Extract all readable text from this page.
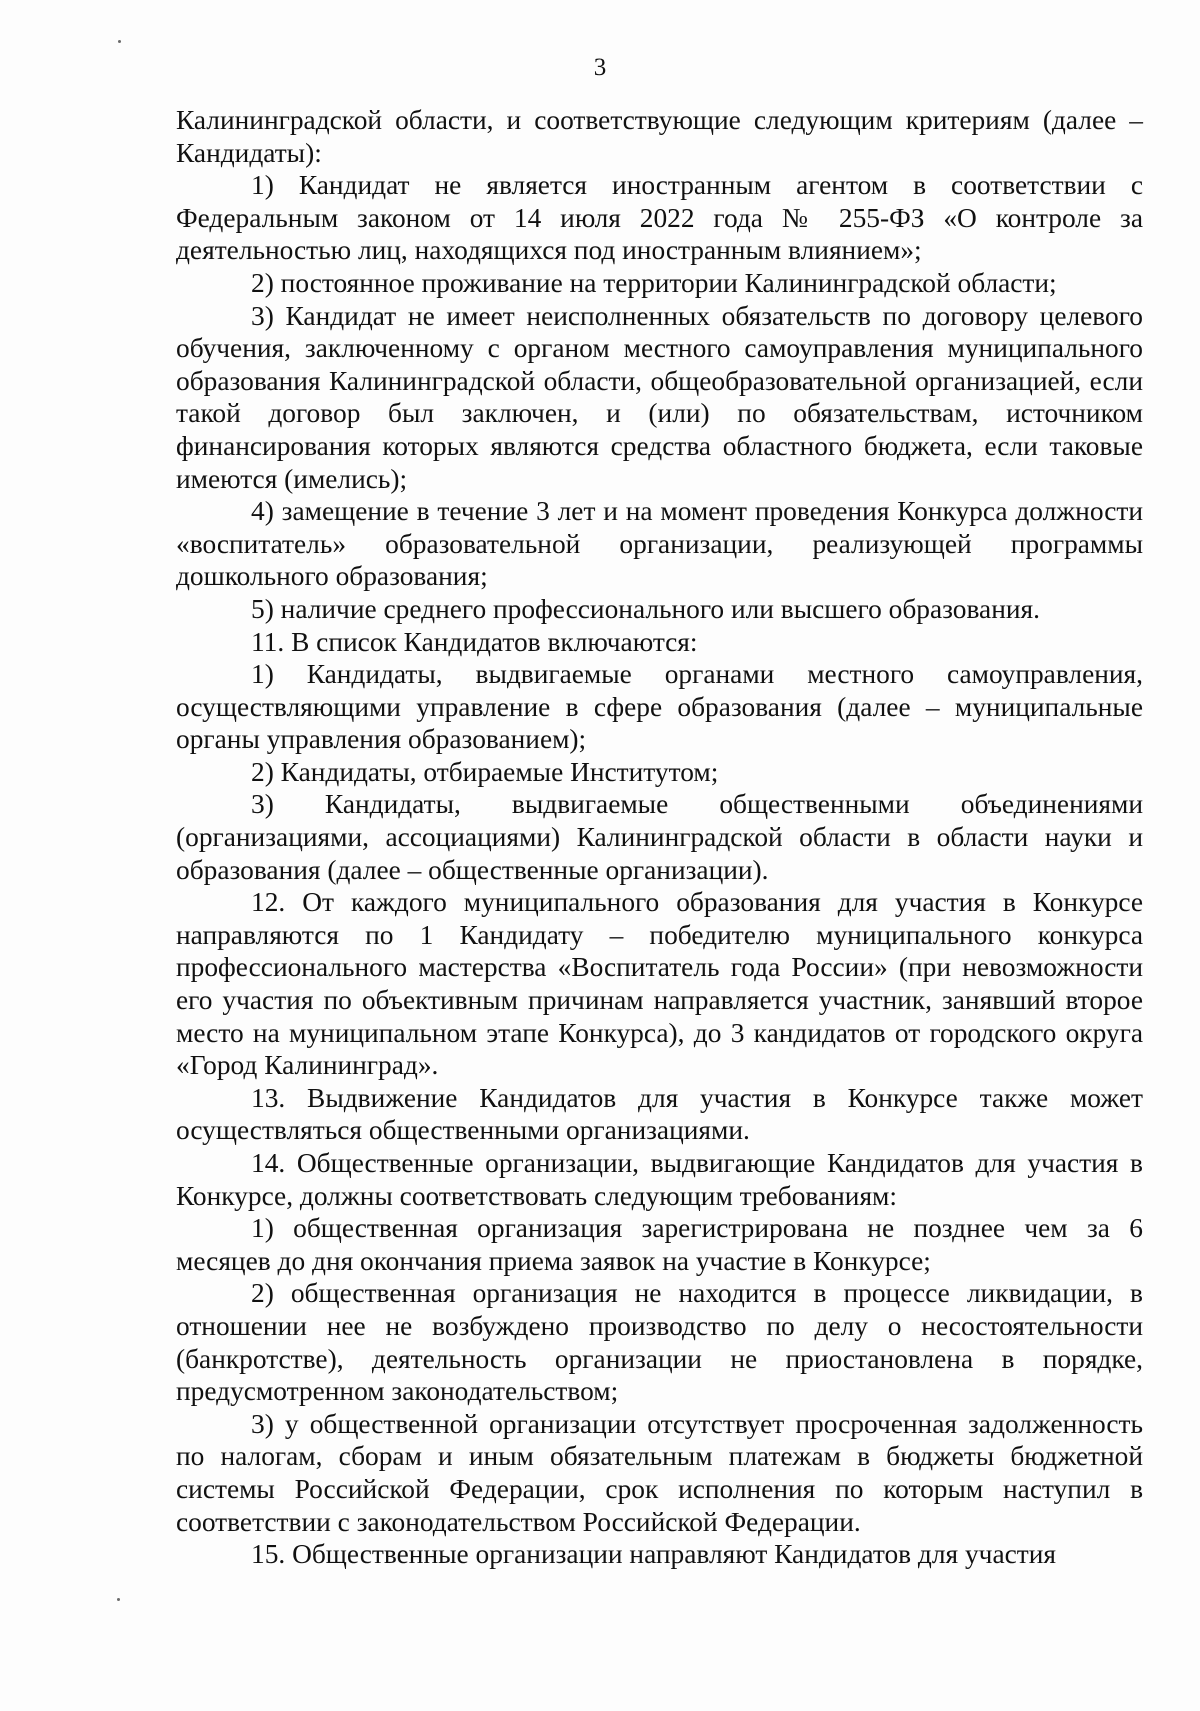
3

Калининградской области, и соответствующие следующим критериям (далее – Кандидаты):

1) Кандидат не является иностранным агентом в соответствии с Федеральным законом от 14 июля 2022 года № 255-ФЗ «О контроле за деятельностью лиц, находящихся под иностранным влиянием»;

2) постоянное проживание на территории Калининградской области;

3) Кандидат не имеет неисполненных обязательств по договору целевого обучения, заключенному с органом местного самоуправления муниципального образования Калининградской области, общеобразовательной организацией, если такой договор был заключен, и (или) по обязательствам, источником финансирования которых являются средства областного бюджета, если таковые имеются (имелись);

4) замещение в течение 3 лет и на момент проведения Конкурса должности «воспитатель» образовательной организации, реализующей программы дошкольного образования;

5) наличие среднего профессионального или высшего образования.

11. В список Кандидатов включаются:

1) Кандидаты, выдвигаемые органами местного самоуправления, осуществляющими управление в сфере образования (далее – муниципальные органы управления образованием);

2) Кандидаты, отбираемые Институтом;

3) Кандидаты, выдвигаемые общественными объединениями (организациями, ассоциациями) Калининградской области в области науки и образования (далее – общественные организации).

12. От каждого муниципального образования для участия в Конкурсе направляются по 1 Кандидату – победителю муниципального конкурса профессионального мастерства «Воспитатель года России» (при невозможности его участия по объективным причинам направляется участник, занявший второе место на муниципальном этапе Конкурса), до 3 кандидатов от городского округа «Город Калининград».

13. Выдвижение Кандидатов для участия в Конкурсе также может осуществляться общественными организациями.

14. Общественные организации, выдвигающие Кандидатов для участия в Конкурсе, должны соответствовать следующим требованиям:

1) общественная организация зарегистрирована не позднее чем за 6 месяцев до дня окончания приема заявок на участие в Конкурсе;

2) общественная организация не находится в процессе ликвидации, в отношении нее не возбуждено производство по делу о несостоятельности (банкротстве), деятельность организации не приостановлена в порядке, предусмотренном законодательством;

3) у общественной организации отсутствует просроченная задолженность по налогам, сборам и иным обязательным платежам в бюджеты бюджетной системы Российской Федерации, срок исполнения по которым наступил в соответствии с законодательством Российской Федерации.

15. Общественные организации направляют Кандидатов для участия
